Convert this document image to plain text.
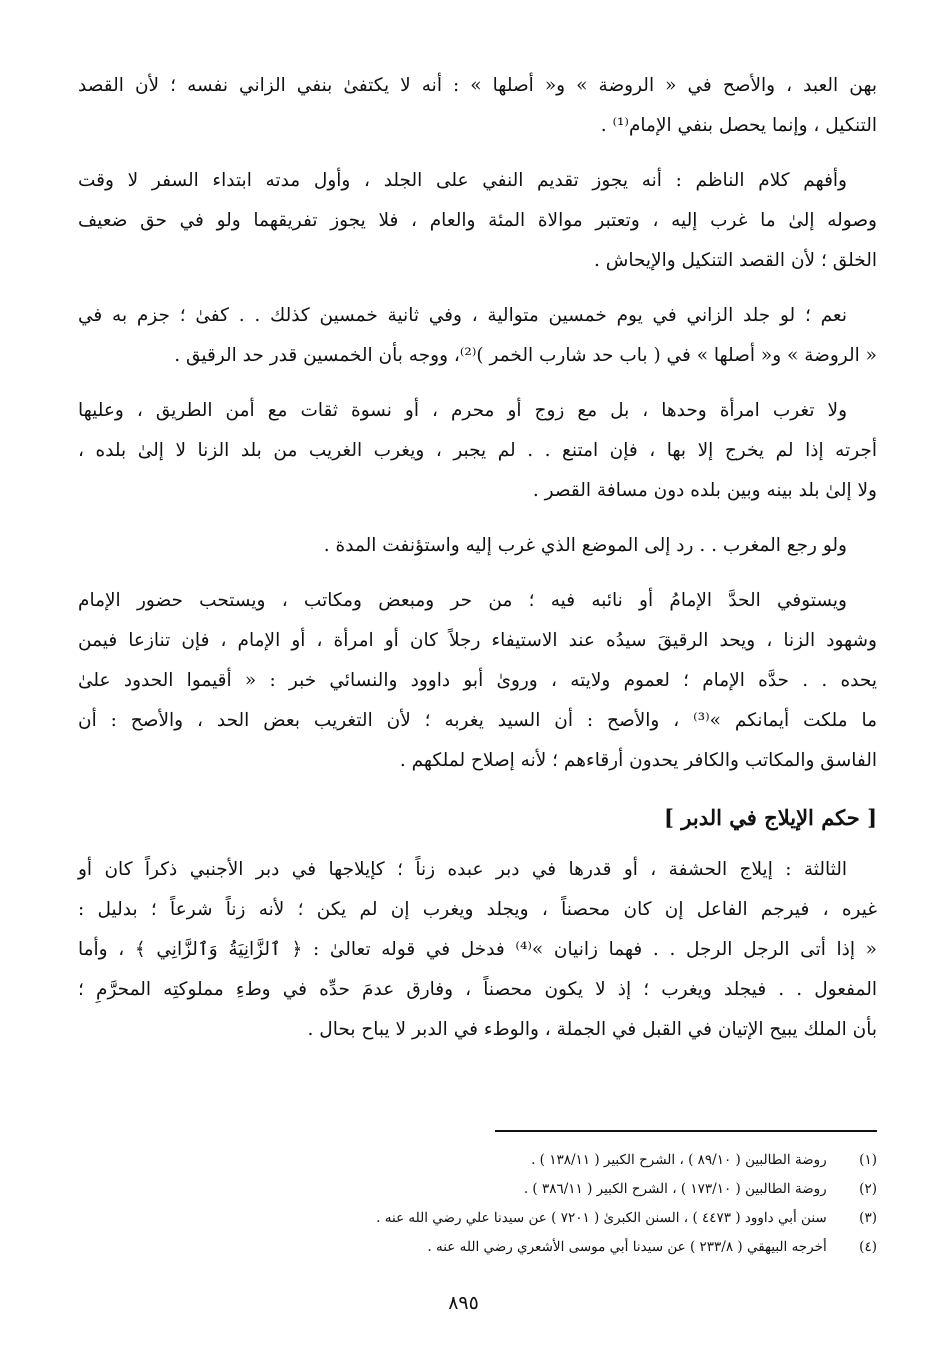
بهن العبد ، والأصح في « الروضة » و« أصلها » : أنه لا يكتفىٰ بنفي الزاني نفسه ؛ لأن القصد
التنكيل ، وإنما يحصل بنفي الإمام⁽¹⁾ .
وأفهم كلام الناظم : أنه يجوز تقديم النفي على الجلد ، وأول مدته ابتداء السفر لا وقت
وصوله إلىٰ ما غرب إليه ، وتعتبر موالاة المئة والعام ، فلا يجوز تفريقهما ولو في حق ضعيف
الخلق ؛ لأن القصد التنكيل والإيحاش .
نعم ؛ لو جلد الزاني في يوم خمسين متوالية ، وفي ثانية خمسين كذلك . . كفىٰ ؛ جزم به في
« الروضة » و« أصلها » في ( باب حد شارب الخمر )⁽²⁾، ووجه بأن الخمسين قدر حد الرقيق .
ولا تغرب امرأة وحدها ، بل مع زوج أو محرم ، أو نسوة ثقات مع أمن الطريق ، وعليها
أجرته إذا لم يخرج إلا بها ، فإن امتنع . . لم يجبر ، ويغرب الغريب من بلد الزنا لا إلىٰ بلده ،
ولا إلىٰ بلد بينه وبين بلده دون مسافة القصر .
ولو رجع المغرب . . رد إلى الموضع الذي غرب إليه واستؤنفت المدة .
ويستوفي الحدَّ الإمامُ أو نائبه فيه ؛ من حر ومبعض ومكاتب ، ويستحب حضور الإمام
وشهود الزنا ، ويحد الرقيقَ سيدُه عند الاستيفاء رجلاً كان أو امرأة ، أو الإمام ، فإن تنازعا فيمن
يحده . . حدَّه الإمام ؛ لعموم ولايته ، وروىٰ أبو داوود والنسائي خبر : « أقيموا الحدود علىٰ
ما ملكت أيمانكم »⁽³⁾ ، والأصح : أن السيد يغربه ؛ لأن التغريب بعض الحد ، والأصح : أن
الفاسق والمكاتب والكافر يحدون أرقاءهم ؛ لأنه إصلاح لملكهم .
[ حكم الإيلاج في الدبر ]
الثالثة : إيلاج الحشفة ، أو قدرها في دبر عبده زناً ؛ كإيلاجها في دبر الأجنبي ذكراً كان أو
غيره ، فيرجم الفاعل إن كان محصناً ، ويجلد ويغرب إن لم يكن ؛ لأنه زناً شرعاً ؛ بدليل :
« إذا أتى الرجل الرجل . . فهما زانيان »⁽⁴⁾ فدخل في قوله تعالىٰ : ﴿ ٱلزَّانِيَةُ وَٱلزَّانِي ﴾ ، وأما
المفعول . . فيجلد ويغرب ؛ إذ لا يكون محصناً ، وفارق عدمَ حدِّه في وطءِ مملوكتِه المحرَّمِ ؛
بأن الملك يبيح الإتيان في القبل في الجملة ، والوطء في الدبر لا يباح بحال .
(١) روضة الطالبين ( ٨٩/١٠ ) ، الشرح الكبير ( ١٣٨/١١ ) .
(٢) روضة الطالبين ( ١٧٣/١٠ ) ، الشرح الكبير ( ٣٨٦/١١ ) .
(٣) سنن أبي داوود ( ٤٤٧٣ ) ، السنن الكبرىٰ ( ٧٢٠١ ) عن سيدنا علي رضي الله عنه .
(٤) أخرجه البيهقي ( ٢٣٣/٨ ) عن سيدنا أبي موسى الأشعري رضي الله عنه .
٨٩٥
